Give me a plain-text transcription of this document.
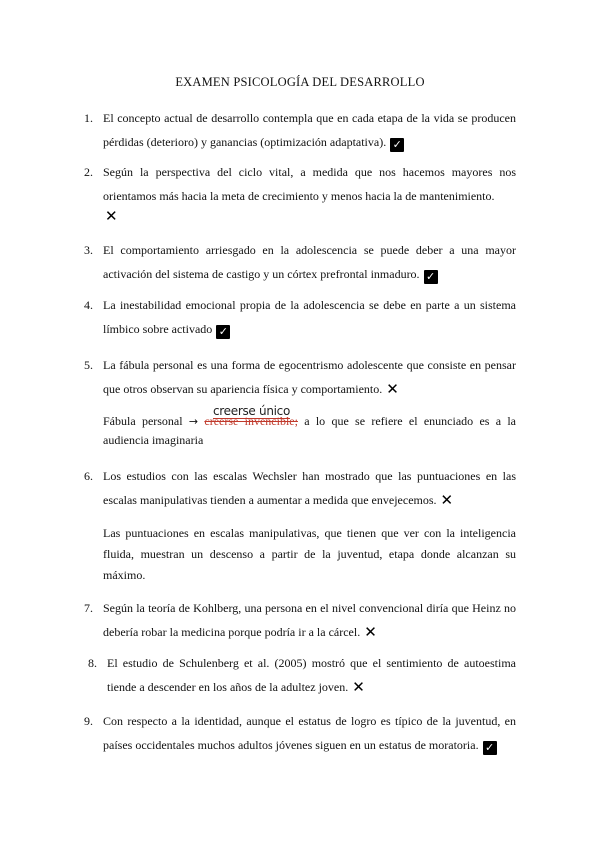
EXAMEN PSICOLOGÍA DEL DESARROLLO
1. El concepto actual de desarrollo contempla que en cada etapa de la vida se producen pérdidas (deterioro) y ganancias (optimización adaptativa). ✓
2. Según la perspectiva del ciclo vital, a medida que nos hacemos mayores nos orientamos más hacia la meta de crecimiento y menos hacia la de mantenimiento.
✕
3. El comportamiento arriesgado en la adolescencia se puede deber a una mayor activación del sistema de castigo y un córtex prefrontal inmaduro. ✓
4. La inestabilidad emocional propia de la adolescencia se debe en parte a un sistema límbico sobre activado ✓
5. La fábula personal es una forma de egocentrismo adolescente que consiste en pensar que otros observan su apariencia física y comportamiento. ✕
creerse único
Fábula personal → creerse invencible; a lo que se refiere el enunciado es a la audiencia imaginaria
6. Los estudios con las escalas Wechsler han mostrado que las puntuaciones en las escalas manipulativas tienden a aumentar a medida que envejecemos. ✕
Las puntuaciones en escalas manipulativas, que tienen que ver con la inteligencia fluida, muestran un descenso a partir de la juventud, etapa donde alcanzan su máximo.
7. Según la teoría de Kohlberg, una persona en el nivel convencional diría que Heinz no debería robar la medicina porque podría ir a la cárcel. ✕
8. El estudio de Schulenberg et al. (2005) mostró que el sentimiento de autoestima tiende a descender en los años de la adultez joven. ✕
9. Con respecto a la identidad, aunque el estatus de logro es típico de la juventud, en países occidentales muchos adultos jóvenes siguen en un estatus de moratoria. ✓
